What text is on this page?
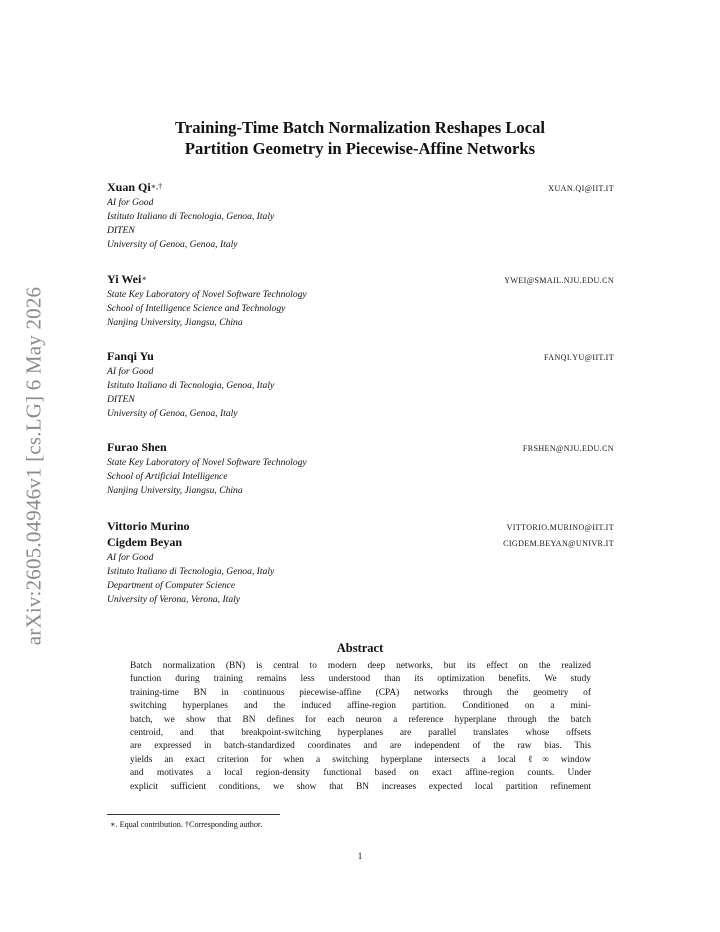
arXiv:2605.04946v1 [cs.LG] 6 May 2026
Training-Time Batch Normalization Reshapes Local
Partition Geometry in Piecewise-Affine Networks
Xuan Qi∗,†	XUAN.QI@IIT.IT
AI for Good
Istituto Italiano di Tecnologia, Genoa, Italy
DITEN
University of Genoa, Genoa, Italy
Yi Wei∗	YWEI@SMAIL.NJU.EDU.CN
State Key Laboratory of Novel Software Technology
School of Intelligence Science and Technology
Nanjing University, Jiangsu, China
Fanqi Yu	FANQI.YU@IIT.IT
AI for Good
Istituto Italiano di Tecnologia, Genoa, Italy
DITEN
University of Genoa, Genoa, Italy
Furao Shen	FRSHEN@NJU.EDU.CN
State Key Laboratory of Novel Software Technology
School of Artificial Intelligence
Nanjing University, Jiangsu, China
Vittorio Murino	VITTORIO.MURINO@IIT.IT
Cigdem Beyan	CIGDEM.BEYAN@UNIVR.IT
AI for Good
Istituto Italiano di Tecnologia, Genoa, Italy
Department of Computer Science
University of Verona, Verona, Italy
Abstract
Batch normalization (BN) is central to modern deep networks, but its effect on the realized
function during training remains less understood than its optimization benefits. We study
training-time BN in continuous piecewise-affine (CPA) networks through the geometry of
switching hyperplanes and the induced affine-region partition. Conditioned on a mini-
batch, we show that BN defines for each neuron a reference hyperplane through the batch
centroid, and that breakpoint-switching hyperplanes are parallel translates whose offsets
are expressed in batch-standardized coordinates and are independent of the raw bias. This
yields an exact criterion for when a switching hyperplane intersects a local ℓ∞ window
and motivates a local region-density functional based on exact affine-region counts. Under
explicit sufficient conditions, we show that BN increases expected local partition refinement
∗. Equal contribution. †Corresponding author.
1
